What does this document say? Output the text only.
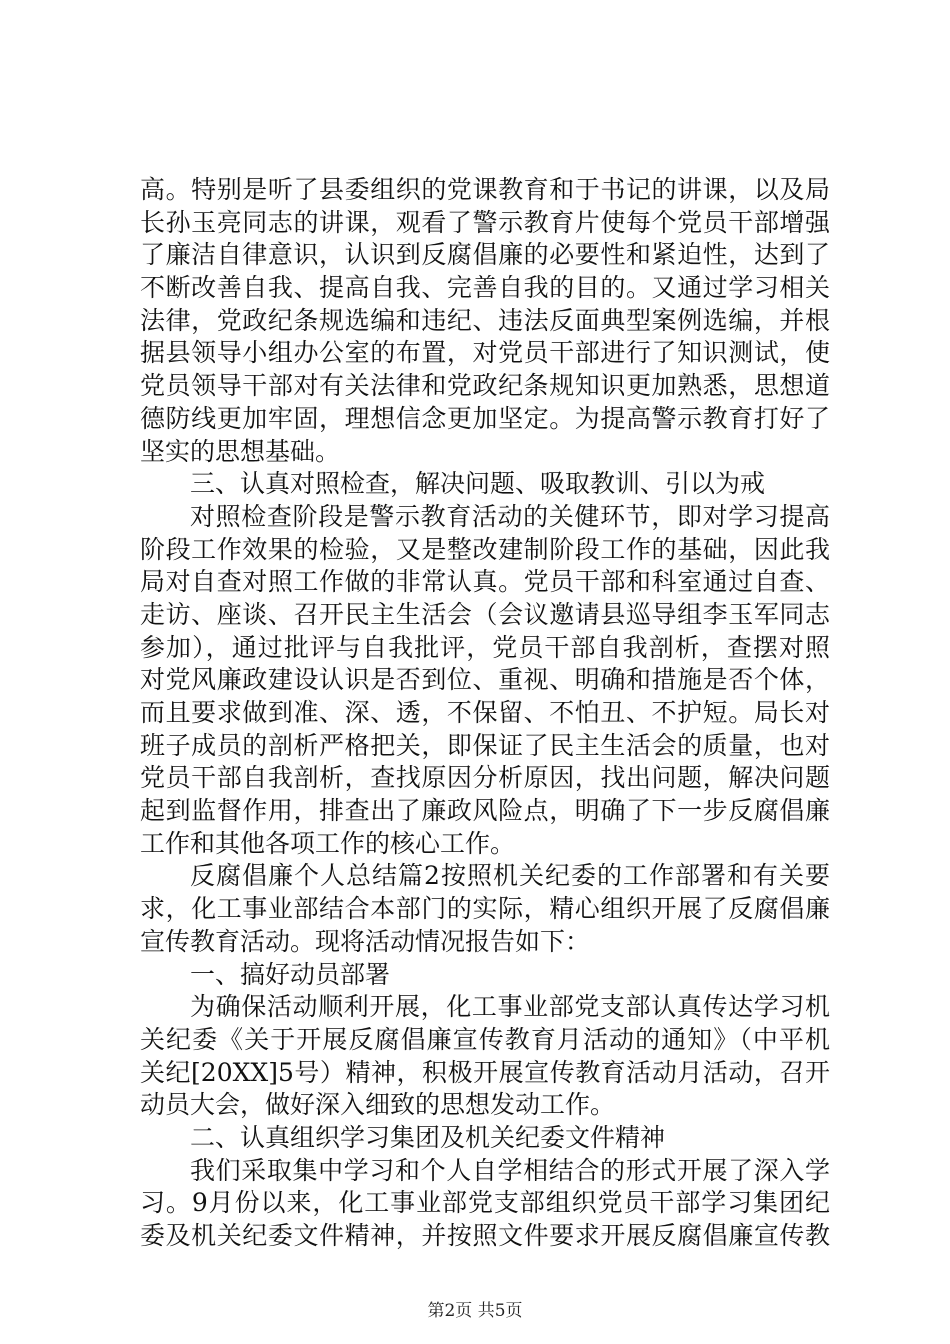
高。特别是听了县委组织的党课教育和于书记的讲课，以及局
长孙玉亮同志的讲课，观看了警示教育片使每个党员干部增强
了廉洁自律意识，认识到反腐倡廉的必要性和紧迫性，达到了
不断改善自我、提高自我、完善自我的目的。又通过学习相关
法律，党政纪条规选编和违纪、违法反面典型案例选编，并根
据县领导小组办公室的布置，对党员干部进行了知识测试，使
党员领导干部对有关法律和党政纪条规知识更加熟悉，思想道
德防线更加牢固，理想信念更加坚定。为提高警示教育打好了
坚实的思想基础。
三、认真对照检查，解决问题、吸取教训、引以为戒
对照检查阶段是警示教育活动的关健环节，即对学习提高
阶段工作效果的检验，又是整改建制阶段工作的基础，因此我
局对自查对照工作做的非常认真。党员干部和科室通过自查、
走访、座谈、召开民主生活会（会议邀请县巡导组李玉军同志
参加），通过批评与自我批评，党员干部自我剖析，查摆对照
对党风廉政建设认识是否到位、重视、明确和措施是否个体，
而且要求做到准、深、透，不保留、不怕丑、不护短。局长对
班子成员的剖析严格把关，即保证了民主生活会的质量，也对
党员干部自我剖析，查找原因分析原因，找出问题，解决问题
起到监督作用，排查出了廉政风险点，明确了下一步反腐倡廉
工作和其他各项工作的核心工作。
反腐倡廉个人总结篇2按照机关纪委的工作部署和有关要
求，化工事业部结合本部门的实际，精心组织开展了反腐倡廉
宣传教育活动。现将活动情况报告如下：
一、搞好动员部署
为确保活动顺利开展，化工事业部党支部认真传达学习机
关纪委《关于开展反腐倡廉宣传教育月活动的通知》（中平机
关纪[20XX]5号）精神，积极开展宣传教育活动月活动，召开
动员大会，做好深入细致的思想发动工作。
二、认真组织学习集团及机关纪委文件精神
我们采取集中学习和个人自学相结合的形式开展了深入学
习。9月份以来，化工事业部党支部组织党员干部学习集团纪
委及机关纪委文件精神，并按照文件要求开展反腐倡廉宣传教
第2页 共5页
